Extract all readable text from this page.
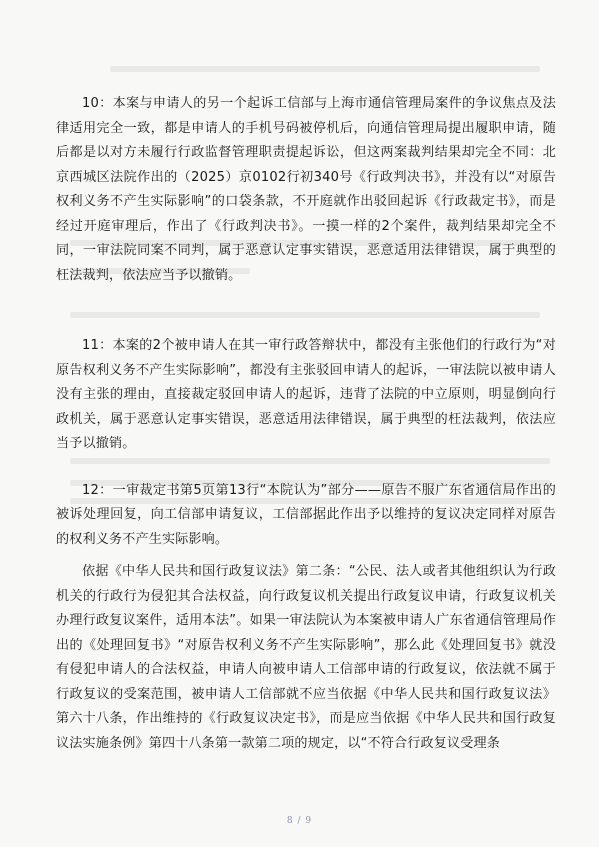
10：本案与申请人的另一个起诉工信部与上海市通信管理局案件的争议焦点及法律适用完全一致，都是申请人的手机号码被停机后，向通信管理局提出履职申请，随后都是以对方未履行行政监督管理职责提起诉讼，但这两案裁判结果却完全不同：北京西城区法院作出的（2025）京0102行初340号《行政判决书》，并没有以“对原告权利义务不产生实际影响”的口袋条款，不开庭就作出驳回起诉《行政裁定书》，而是经过开庭审理后，作出了《行政判决书》。一摸一样的2个案件，裁判结果却完全不同，一审法院同案不同判，属于恶意认定事实错误，恶意适用法律错误，属于典型的枉法裁判，依法应当予以撤销。

11：本案的2个被申请人在其一审行政答辩状中，都没有主张他们的行政行为“对原告权利义务不产生实际影响”，都没有主张驳回申请人的起诉，一审法院以被申请人没有主张的理由，直接裁定驳回申请人的起诉，违背了法院的中立原则，明显倒向行政机关，属于恶意认定事实错误，恶意适用法律错误，属于典型的枉法裁判，依法应当予以撤销。

12：一审裁定书第5页第13行“本院认为”部分——原告不服广东省通信局作出的被诉处理回复，向工信部申请复议，工信部据此作出予以维持的复议决定同样对原告的权利义务不产生实际影响。

依据《中华人民共和国行政复议法》第二条：“公民、法人或者其他组织认为行政机关的行政行为侵犯其合法权益，向行政复议机关提出行政复议申请，行政复议机关办理行政复议案件，适用本法”。如果一审法院认为本案被申请人广东省通信管理局作出的《处理回复书》“对原告权利义务不产生实际影响”，那么此《处理回复书》就没有侵犯申请人的合法权益，申请人向被申请人工信部申请的行政复议，依法就不属于行政复议的受案范围，被申请人工信部就不应当依据《中华人民共和国行政复议法》第六十八条，作出维持的《行政复议决定书》，而是应当依据《中华人民共和国行政复议法实施条例》第四十八条第一款第二项的规定，以“不符合行政复议受理条

8 / 9
